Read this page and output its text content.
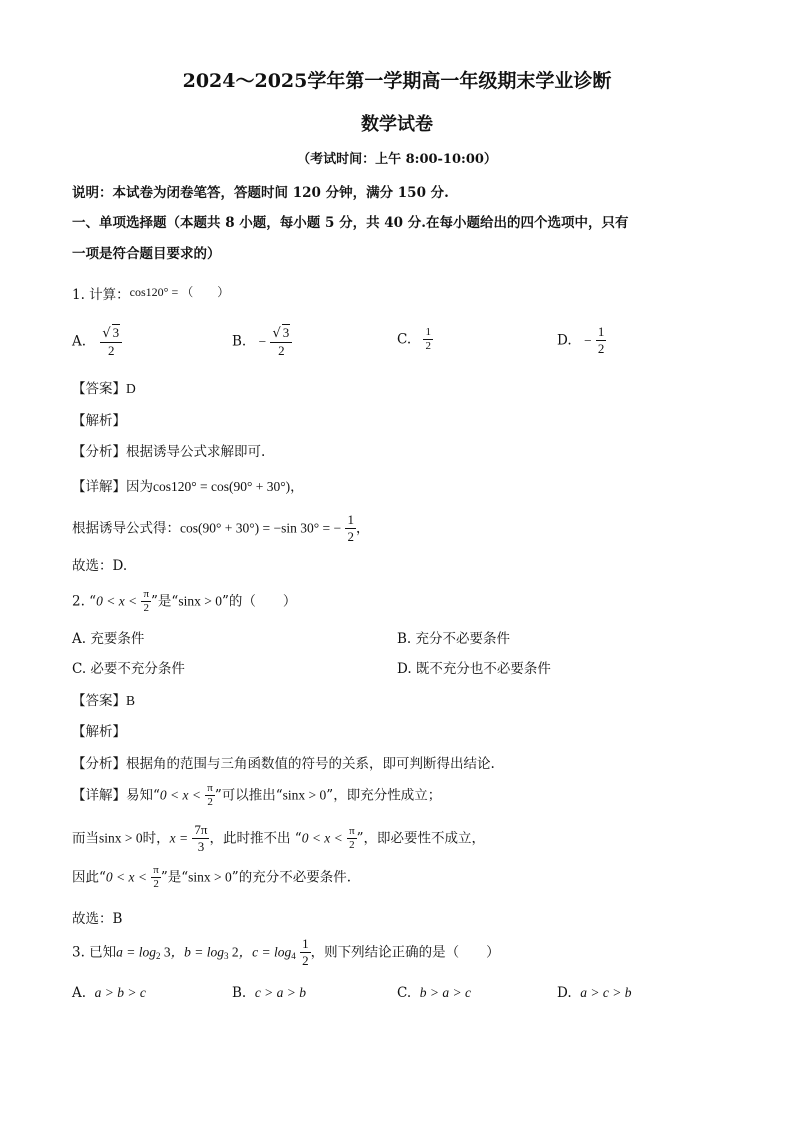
2024～2025学年第一学期高一年级期末学业诊断
数学试卷
（考试时间：上午 8:00-10:00）
说明：本试卷为闭卷笔答，答题时间 120 分钟，满分 150 分.
一、单项选择题（本题共 8 小题，每小题 5 分，共 40 分.在每小题给出的四个选项中，只有
一项是符合题目要求的）
1. 计算：cos120° = （　　）
A. $\frac{√ 3}{2}$	B. − $\frac{√ 3}{2}$	C. $\frac{1}{2}$	D. − $\frac{1}{2}$
【答案】D
【解析】
【分析】根据诱导公式求解即可.
【详解】因为cos120° = cos(90° + 30°)，
根据诱导公式得：cos(90° + 30°) = −sin 30° = − $\frac{1}{2}$ ，
故选：D.
2. “$0 < x < \frac{\pi}{2}$ ”是“sinx > 0”的（　　）
A. 充要条件	B. 充分不必要条件
C. 必要不充分条件	D. 既不充分也不必要条件
【答案】B
【解析】
【分析】根据角的范围与三角函数值的符号的关系，即可判断得出结论.
【详解】易知“$0 < x < \frac{\pi}{2}$ ”可以推出“sinx > 0”，即充分性成立；
而当sinx > 0时，$x = \frac{7\pi}{3}$ ，此时推不出 “$0 < x < \frac{\pi}{2}$ ”，即必要性不成立，
因此“$0 < x < \frac{\pi}{2}$ ”是“sinx > 0”的充分不必要条件.
故选：B
3. 已知$a = \log_2 3$，$b = \log_3 2$，$c = \log_4 \frac{1}{2}$ ，则下列结论正确的是（　　）
A. a > b > c	B. c > a > b	C. b > a > c	D. a > c > b
